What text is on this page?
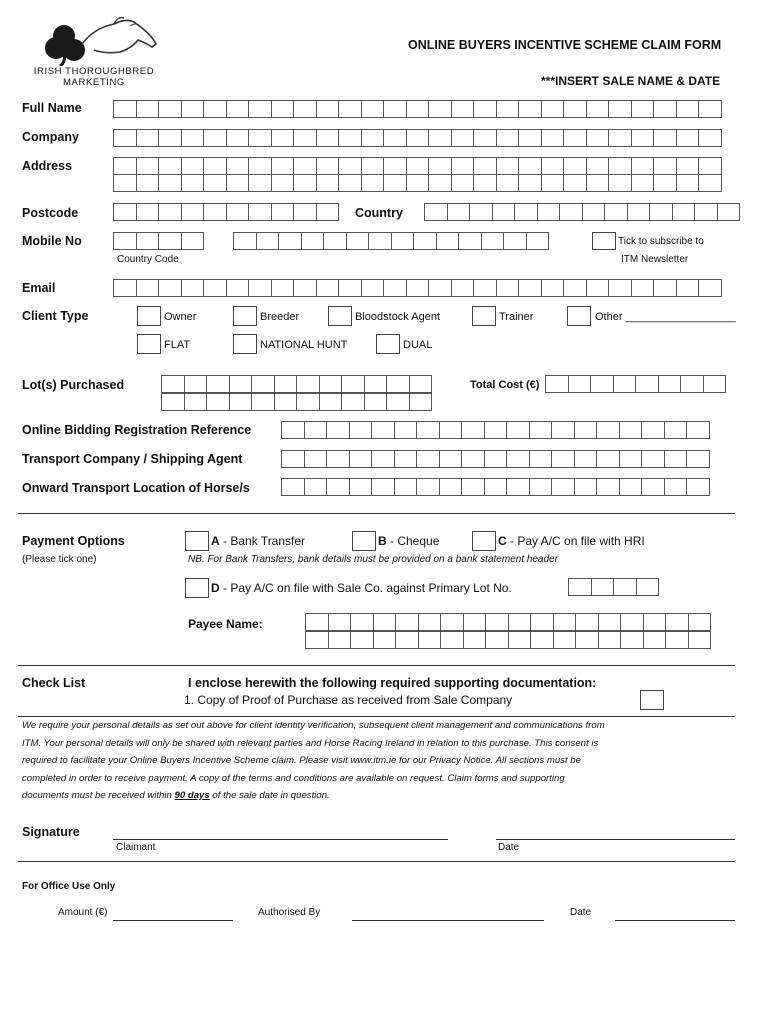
IRISH THOROUGHBRED
MARKETING
ONLINE BUYERS INCENTIVE SCHEME CLAIM FORM
***INSERT SALE NAME & DATE
Full Name
Company
Address
Postcode	Country
Mobile No
Country Code
Tick to subscribe to
ITM Newsletter
Email
Client Type	Owner	Breeder	Bloodstock Agent	Trainer	Other __________________
FLAT	NATIONAL HUNT	DUAL
Lot(s) Purchased	Total Cost (€)
Online Bidding Registration Reference
Transport Company / Shipping Agent
Onward Transport Location of Horse/s
Payment Options
(Please tick one)
A - Bank Transfer	B - Cheque	C - Pay A/C on file with HRI
NB. For Bank Transfers, bank details must be provided on a bank statement header
D - Pay A/C on file with Sale Co. against Primary Lot No.
Payee Name:
Check List	I enclose herewith the following required supporting documentation:
1. Copy of Proof of Purchase as received from Sale Company
We require your personal details as set out above for client identity verification, subsequent client management and communications from
ITM. Your personal details will only be shared with relevant parties and Horse Racing Ireland in relation to this purchase. This consent is
required to facilitate your Online Buyers Incentive Scheme claim. Please visit www.itm.ie for our Privacy Notice. All sections must be
completed in order to receive payment. A copy of the terms and conditions are available on request. Claim forms and supporting
documents must be received within 90 days of the sale date in question.
Signature
Claimant	Date
For Office Use Only
Amount (€)	Authorised By	Date
